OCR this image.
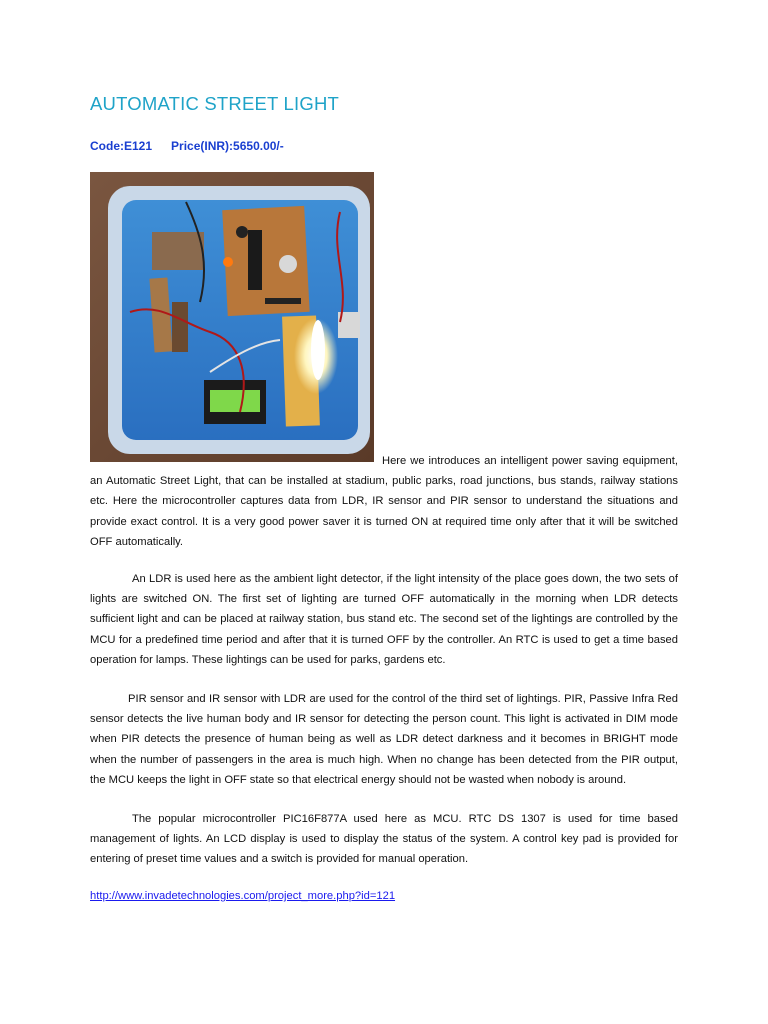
AUTOMATIC STREET LIGHT
Code:E121 Price(INR):5650.00/-

Here we introduces an intelligent power saving equipment, an Automatic Street Light, that can be installed at stadium, public parks, road junctions, bus stands, railway stations etc. Here the microcontroller captures data from LDR, IR sensor and PIR sensor to understand the situations and provide exact control. It is a very good power saver it is turned ON at required time only after that it will be switched OFF automatically.

An LDR is used here as the ambient light detector, if the light intensity of the place goes down, the two sets of lights are switched ON. The first set of lighting are turned OFF automatically in the morning when LDR detects sufficient light and can be placed at railway station, bus stand etc. The second set of the lightings are controlled by the MCU for a predefined time period and after that it is turned OFF by the controller. An RTC is used to get a time based operation for lamps. These lightings can be used for parks, gardens etc.

PIR sensor and IR sensor with LDR are used for the control of the third set of lightings. PIR, Passive Infra Red sensor detects the live human body and IR sensor for detecting the person count. This light is activated in DIM mode when PIR detects the presence of human being as well as LDR detect darkness and it becomes in BRIGHT mode when the number of passengers in the area is much high. When no change has been detected from the PIR output, the MCU keeps the light in OFF state so that electrical energy should not be wasted when nobody is around.

The popular microcontroller PIC16F877A used here as MCU. RTC DS 1307 is used for time based management of lights. An LCD display is used to display the status of the system. A control key pad is provided for entering of preset time values and a switch is provided for manual operation.

http://www.invadetechnologies.com/project_more.php?id=121
